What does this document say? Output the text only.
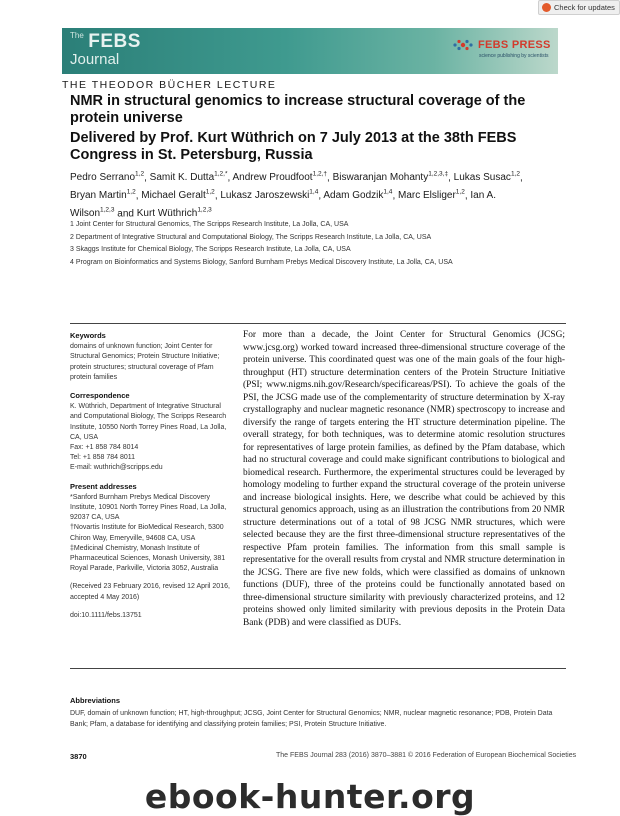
Check for updates
$^{The}$ FEBS
Journal
FEBS PRESS
science publishing by scientists
THE THEODOR BÜCHER LECTURE
NMR in structural genomics to increase structural coverage of the protein universe
Delivered by Prof. Kurt Wüthrich on 7 July 2013 at the 38th FEBS Congress in St. Petersburg, Russia
Pedro Serrano$^{1,2}$, Samit K. Dutta$^{1,2,*}$, Andrew Proudfoot$^{1,2,\dagger}$, Biswaranjan Mohanty$^{1,2,3,\ddagger}$, Lukas Susac$^{1,2}$, Bryan Martin$^{1,2}$, Michael Geralt$^{1,2}$, Lukasz Jaroszewski$^{1,4}$, Adam Godzik$^{1,4}$, Marc Elsliger$^{1,2}$, Ian A. Wilson$^{1,2,3}$ and Kurt Wüthrich$^{1,2,3}$
1 Joint Center for Structural Genomics, The Scripps Research Institute, La Jolla, CA, USA
2 Department of Integrative Structural and Computational Biology, The Scripps Research Institute, La Jolla, CA, USA
3 Skaggs Institute for Chemical Biology, The Scripps Research Institute, La Jolla, CA, USA
4 Program on Bioinformatics and Systems Biology, Sanford Burnham Prebys Medical Discovery Institute, La Jolla, CA, USA
Keywords

domains of unknown function; Joint Center for Structural Genomics; Protein Structure Initiative; protein structures; structural coverage of Pfam protein families

Correspondence

K. Wüthrich, Department of Integrative Structural and Computational Biology, The Scripps Research Institute, 10550 North Torrey Pines Road, La Jolla, CA, USA

Fax: +1 858 784 8014

Tel: +1 858 784 8011

E-mail: wuthrich@scripps.edu

Present addresses

*Sanford Burnham Prebys Medical Discovery Institute, 10901 North Torrey Pines Road, La Jolla, 92037 CA, USA

†Novartis Institute for BioMedical Research, 5300 Chiron Way, Emeryville, 94608 CA, USA

‡Medicinal Chemistry, Monash Institute of Pharmaceutical Sciences, Monash University, 381 Royal Parade, Parkville, Victoria 3052, Australia

(Received 23 February 2016, revised 12 April 2016, accepted 4 May 2016)

doi:10.1111/febs.13751

For more than a decade, the Joint Center for Structural Genomics (JCSG; www.jcsg.org) worked toward increased three-dimensional structure coverage of the protein universe. This coordinated quest was one of the main goals of the four high-throughput (HT) structure determination centers of the Protein Structure Initiative (PSI; www.nigms.nih.gov/Research/specificareas/PSI). To achieve the goals of the PSI, the JCSG made use of the complementarity of structure determination by X-ray crystallography and nuclear magnetic resonance (NMR) spectroscopy to increase and diversify the range of targets entering the HT structure determination pipeline. The overall strategy, for both techniques, was to determine atomic resolution structures for representatives of large protein families, as defined by the Pfam database, which had no structural coverage and could make significant contributions to biological and biomedical research. Furthermore, the experimental structures could be leveraged by homology modeling to further expand the structural coverage of the protein universe and increase biological insights. Here, we describe what could be achieved by this structural genomics approach, using as an illustration the contributions from 20 NMR structure determinations out of a total of 98 JCSG NMR structures, which were selected because they are the first three-dimensional structure representatives of the respective Pfam protein families. The information from this small sample is representative for the overall results from crystal and NMR structure determination in the JCSG. There are five new folds, which were classified as domains of unknown functions (DUF), three of the proteins could be functionally annotated based on three-dimensional structure similarity with previously characterized proteins, and 12 proteins showed only limited similarity with previous deposits in the Protein Data Bank (PDB) and were classified as DUFs.

Abbreviations
DUF, domain of unknown function; HT, high-throughput; JCSG, Joint Center for Structural Genomics; NMR, nuclear magnetic resonance; PDB, Protein Data Bank; Pfam, a database for identifying and classifying protein families; PSI, Protein Structure Initiative.
3870	The FEBS Journal 283 (2016) 3870–3881 © 2016 Federation of European Biochemical Societies
ebook-hunter.org
